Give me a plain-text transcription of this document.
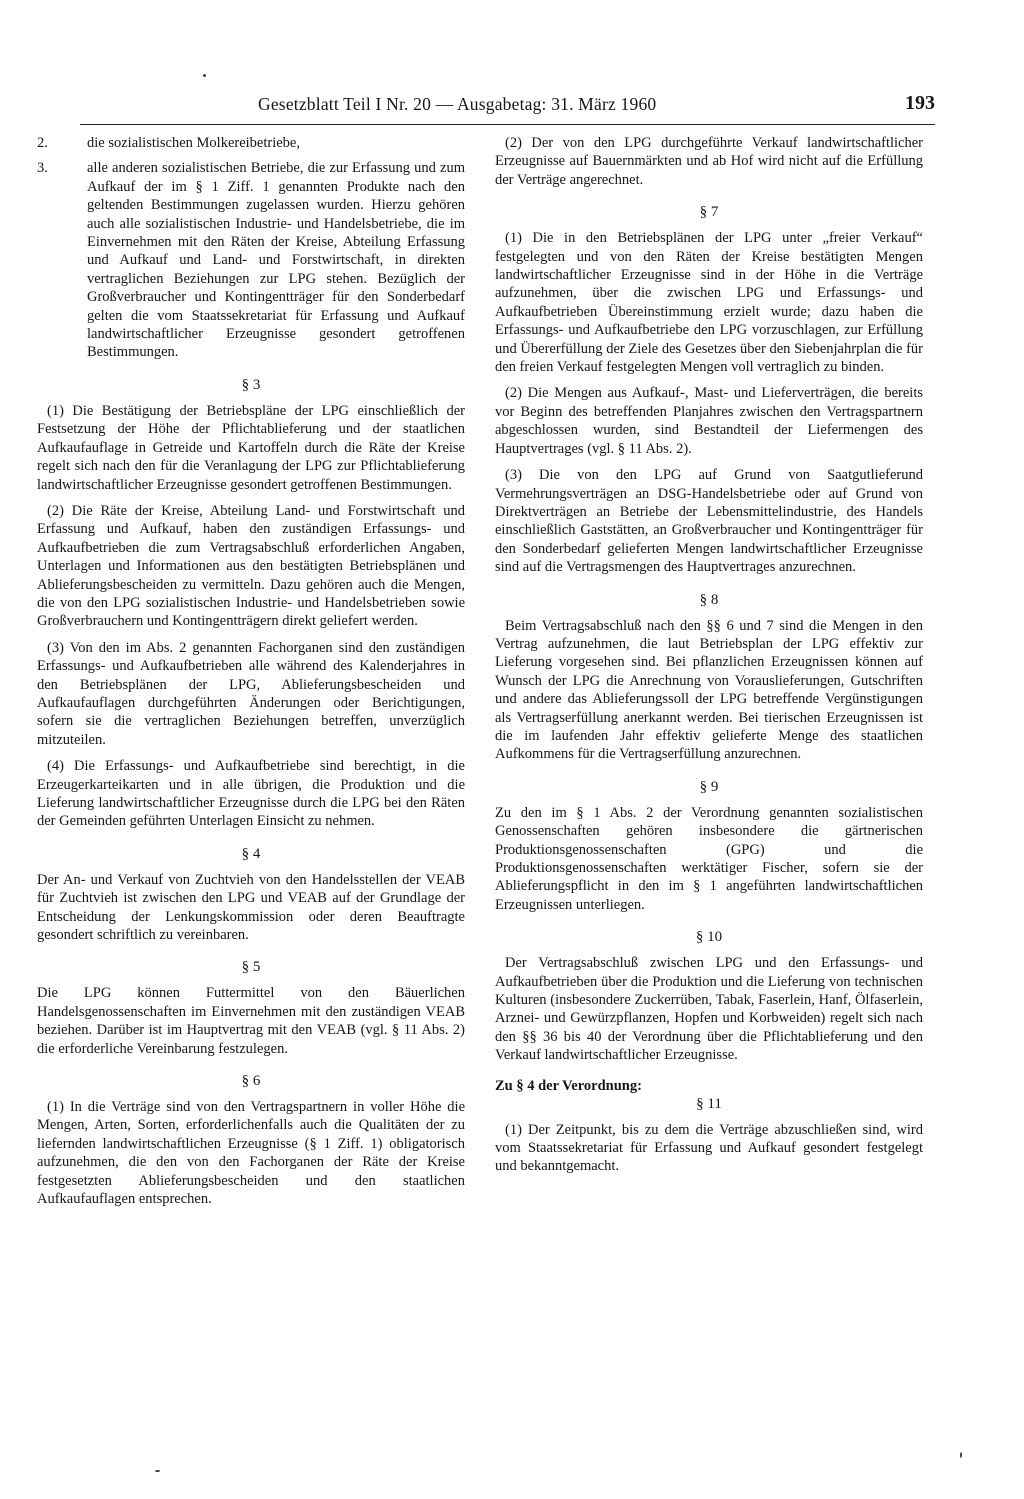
Gesetzblatt Teil I Nr. 20 — Ausgabetag: 31. März 1960	193
2.	die sozialistischen Molkereibetriebe,
3.	alle anderen sozialistischen Betriebe, die zur Erfassung und zum Aufkauf der im § 1 Ziff. 1 genannten Produkte nach den geltenden Bestimmungen zugelassen wurden. Hierzu gehören auch alle sozialistischen Industrie- und Handelsbetriebe, die im Einvernehmen mit den Räten der Kreise, Abteilung Erfassung und Aufkauf und Land- und Forstwirtschaft, in direkten vertraglichen Beziehungen zur LPG stehen. Bezüglich der Großverbraucher und Kontingentträger für den Sonderbedarf gelten die vom Staatssekretariat für Erfassung und Aufkauf landwirtschaftlicher Erzeugnisse gesondert getroffenen Bestimmungen.
§ 3

(1) Die Bestätigung der Betriebspläne der LPG einschließlich der Festsetzung der Höhe der Pflichtablieferung und der staatlichen Aufkaufauflage in Getreide und Kartoffeln durch die Räte der Kreise regelt sich nach den für die Veranlagung der LPG zur Pflichtablieferung landwirtschaftlicher Erzeugnisse gesondert getroffenen Bestimmungen.

(2) Die Räte der Kreise, Abteilung Land- und Forstwirtschaft und Erfassung und Aufkauf, haben den zuständigen Erfassungs- und Aufkaufbetrieben die zum Vertragsabschluß erforderlichen Angaben, Unterlagen und Informationen aus den bestätigten Betriebsplänen und Ablieferungsbescheiden zu vermitteln. Dazu gehören auch die Mengen, die von den LPG sozialistischen Industrie- und Handelsbetrieben sowie Großverbrauchern und Kontingentträgern direkt geliefert werden.

(3) Von den im Abs. 2 genannten Fachorganen sind den zuständigen Erfassungs- und Aufkaufbetrieben alle während des Kalenderjahres in den Betriebsplänen der LPG, Ablieferungsbescheiden und Aufkaufauflagen durchgeführten Änderungen oder Berichtigungen, sofern sie die vertraglichen Beziehungen betreffen, unverzüglich mitzuteilen.

(4) Die Erfassungs- und Aufkaufbetriebe sind berechtigt, in die Erzeugerkarteikarten und in alle übrigen, die Produktion und die Lieferung landwirtschaftlicher Erzeugnisse durch die LPG bei den Räten der Gemeinden geführten Unterlagen Einsicht zu nehmen.

§ 4

Der An- und Verkauf von Zuchtvieh von den Handelsstellen der VEAB für Zuchtvieh ist zwischen den LPG und VEAB auf der Grundlage der Entscheidung der Lenkungskommission oder deren Beauftragte gesondert schriftlich zu vereinbaren.

§ 5

Die LPG können Futtermittel von den Bäuerlichen Handelsgenossenschaften im Einvernehmen mit den zuständigen VEAB beziehen. Darüber ist im Hauptvertrag mit den VEAB (vgl. § 11 Abs. 2) die erforderliche Vereinbarung festzulegen.

§ 6

(1) In die Verträge sind von den Vertragspartnern in voller Höhe die Mengen, Arten, Sorten, erforderlichenfalls auch die Qualitäten der zu liefernden landwirtschaftlichen Erzeugnisse (§ 1 Ziff. 1) obligatorisch aufzunehmen, die den von den Fachorganen der Räte der Kreise festgesetzten Ablieferungsbescheiden und den staatlichen Aufkaufauflagen entsprechen.

(2) Der von den LPG durchgeführte Verkauf landwirtschaftlicher Erzeugnisse auf Bauernmärkten und ab Hof wird nicht auf die Erfüllung der Verträge angerechnet.

§ 7

(1) Die in den Betriebsplänen der LPG unter „freier Verkauf“ festgelegten und von den Räten der Kreise bestätigten Mengen landwirtschaftlicher Erzeugnisse sind in der Höhe in die Verträge aufzunehmen, über die zwischen LPG und Erfassungs- und Aufkaufbetrieben Übereinstimmung erzielt wurde; dazu haben die Erfassungs- und Aufkaufbetriebe den LPG vorzuschlagen, zur Erfüllung und Übererfüllung der Ziele des Gesetzes über den Siebenjahrplan die für den freien Verkauf festgelegten Mengen voll vertraglich zu binden.

(2) Die Mengen aus Aufkauf-, Mast- und Lieferverträgen, die bereits vor Beginn des betreffenden Planjahres zwischen den Vertragspartnern abgeschlossen wurden, sind Bestandteil der Liefermengen des Hauptvertrages (vgl. § 11 Abs. 2).

(3) Die von den LPG auf Grund von Saatgutlieferund Vermehrungsverträgen an DSG-Handelsbetriebe oder auf Grund von Direktverträgen an Betriebe der Lebensmittelindustrie, des Handels einschließlich Gaststätten, an Großverbraucher und Kontingentträger für den Sonderbedarf gelieferten Mengen landwirtschaftlicher Erzeugnisse sind auf die Vertragsmengen des Hauptvertrages anzurechnen.

§ 8

Beim Vertragsabschluß nach den §§ 6 und 7 sind die Mengen in den Vertrag aufzunehmen, die laut Betriebsplan der LPG effektiv zur Lieferung vorgesehen sind. Bei pflanzlichen Erzeugnissen können auf Wunsch der LPG die Anrechnung von Vorauslieferungen, Gutschriften und andere das Ablieferungssoll der LPG betreffende Vergünstigungen als Vertragserfüllung anerkannt werden. Bei tierischen Erzeugnissen ist die im laufenden Jahr effektiv gelieferte Menge des staatlichen Aufkommens für die Vertragserfüllung anzurechnen.

§ 9

Zu den im § 1 Abs. 2 der Verordnung genannten sozialistischen Genossenschaften gehören insbesondere die gärtnerischen Produktionsgenossenschaften (GPG) und die Produktionsgenossenschaften werktätiger Fischer, sofern sie der Ablieferungspflicht in den im § 1 angeführten landwirtschaftlichen Erzeugnissen unterliegen.

§ 10

Der Vertragsabschluß zwischen LPG und den Erfassungs- und Aufkaufbetrieben über die Produktion und die Lieferung von technischen Kulturen (insbesondere Zuckerrüben, Tabak, Faserlein, Hanf, Ölfaserlein, Arznei- und Gewürzpflanzen, Hopfen und Korbweiden) regelt sich nach den §§ 36 bis 40 der Verordnung über die Pflichtablieferung und den Verkauf landwirtschaftlicher Erzeugnisse.

Zu § 4 der Verordnung:
§ 11

(1) Der Zeitpunkt, bis zu dem die Verträge abzuschließen sind, wird vom Staatssekretariat für Erfassung und Aufkauf gesondert festgelegt und bekanntgemacht.
